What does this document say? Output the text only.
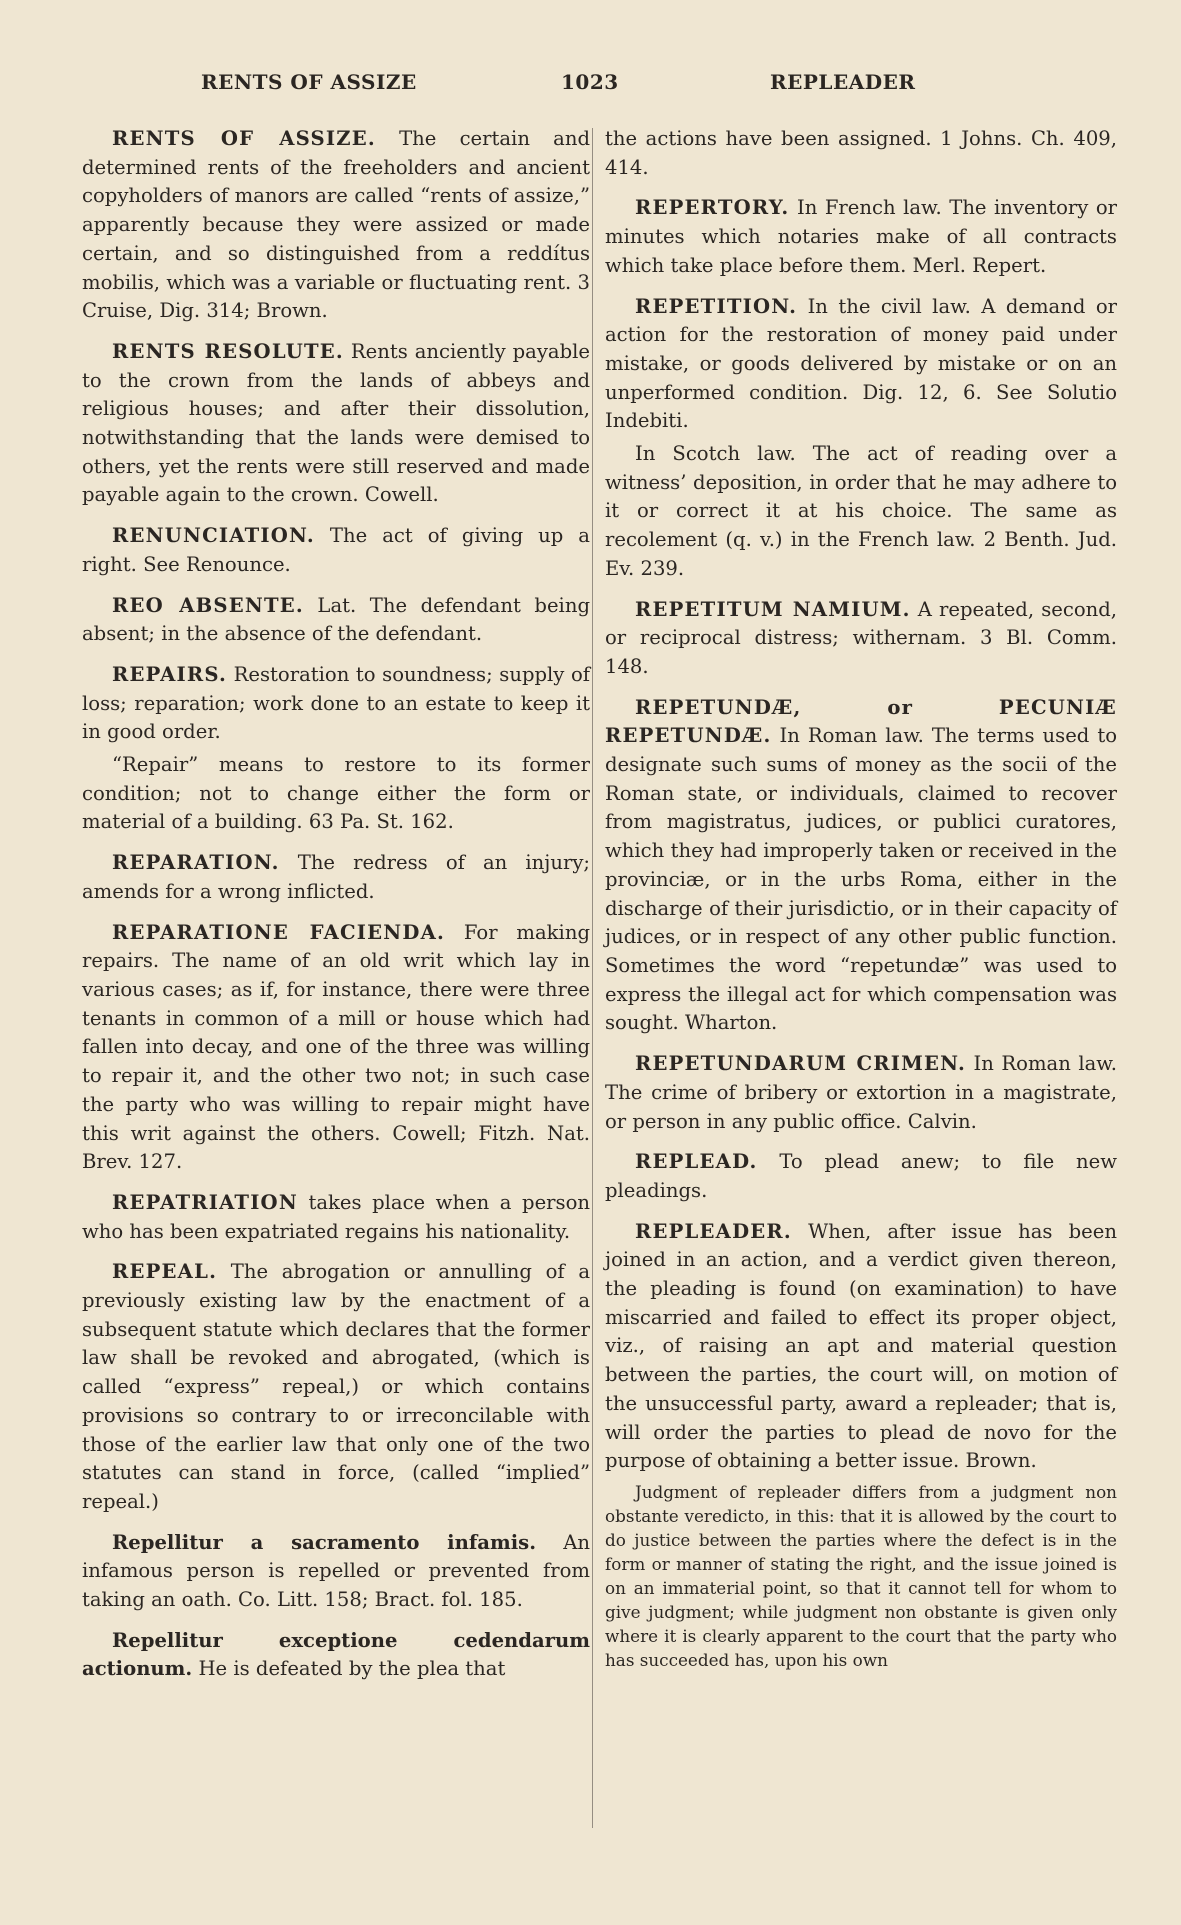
RENTS OF ASSIZE	1023	REPLEADER

RENTS OF ASSIZE. The certain and determined rents of the freeholders and ancient copyholders of manors are called “rents of assize,” apparently because they were assized or made certain, and so distinguished from a reddítus mobilis, which was a variable or fluctuating rent. 3 Cruise, Dig. 314; Brown.

RENTS RESOLUTE. Rents anciently payable to the crown from the lands of abbeys and religious houses; and after their dissolution, notwithstanding that the lands were demised to others, yet the rents were still reserved and made payable again to the crown. Cowell.

RENUNCIATION. The act of giving up a right. See Renounce.

REO ABSENTE. Lat. The defendant being absent; in the absence of the defendant.

REPAIRS. Restoration to soundness; supply of loss; reparation; work done to an estate to keep it in good order.

“Repair” means to restore to its former condition; not to change either the form or material of a building. 63 Pa. St. 162.

REPARATION. The redress of an injury; amends for a wrong inflicted.

REPARATIONE FACIENDA. For making repairs. The name of an old writ which lay in various cases; as if, for instance, there were three tenants in common of a mill or house which had fallen into decay, and one of the three was willing to repair it, and the other two not; in such case the party who was willing to repair might have this writ against the others. Cowell; Fitzh. Nat. Brev. 127.

REPATRIATION takes place when a person who has been expatriated regains his nationality.

REPEAL. The abrogation or annulling of a previously existing law by the enactment of a subsequent statute which declares that the former law shall be revoked and abrogated, (which is called “express” repeal,) or which contains provisions so contrary to or irreconcilable with those of the earlier law that only one of the two statutes can stand in force, (called “implied” repeal.)

Repellitur a sacramento infamis. An infamous person is repelled or prevented from taking an oath. Co. Litt. 158; Bract. fol. 185.

Repellitur exceptione cedendarum actionum. He is defeated by the plea that

the actions have been assigned. 1 Johns. Ch. 409, 414.

REPERTORY. In French law. The inventory or minutes which notaries make of all contracts which take place before them. Merl. Repert.

REPETITION. In the civil law. A demand or action for the restoration of money paid under mistake, or goods delivered by mistake or on an unperformed condition. Dig. 12, 6. See Solutio Indebiti.

In Scotch law. The act of reading over a witness’ deposition, in order that he may adhere to it or correct it at his choice. The same as recolement (q. v.) in the French law. 2 Benth. Jud. Ev. 239.

REPETITUM NAMIUM. A repeated, second, or reciprocal distress; withernam. 3 Bl. Comm. 148.

REPETUNDÆ, or PECUNIÆ REPETUNDÆ. In Roman law. The terms used to designate such sums of money as the socii of the Roman state, or individuals, claimed to recover from magistratus, judices, or publici curatores, which they had improperly taken or received in the provinciæ, or in the urbs Roma, either in the discharge of their jurisdictio, or in their capacity of judices, or in respect of any other public function. Sometimes the word “repetundæ” was used to express the illegal act for which compensation was sought. Wharton.

REPETUNDARUM CRIMEN. In Roman law. The crime of bribery or extortion in a magistrate, or person in any public office. Calvin.

REPLEAD. To plead anew; to file new pleadings.

REPLEADER. When, after issue has been joined in an action, and a verdict given thereon, the pleading is found (on examination) to have miscarried and failed to effect its proper object, viz., of raising an apt and material question between the parties, the court will, on motion of the unsuccessful party, award a repleader; that is, will order the parties to plead de novo for the purpose of obtaining a better issue. Brown.

Judgment of repleader differs from a judgment non obstante veredicto, in this: that it is allowed by the court to do justice between the parties where the defect is in the form or manner of stating the right, and the issue joined is on an immaterial point, so that it cannot tell for whom to give judgment; while judgment non obstante is given only where it is clearly apparent to the court that the party who has succeeded has, upon his own
